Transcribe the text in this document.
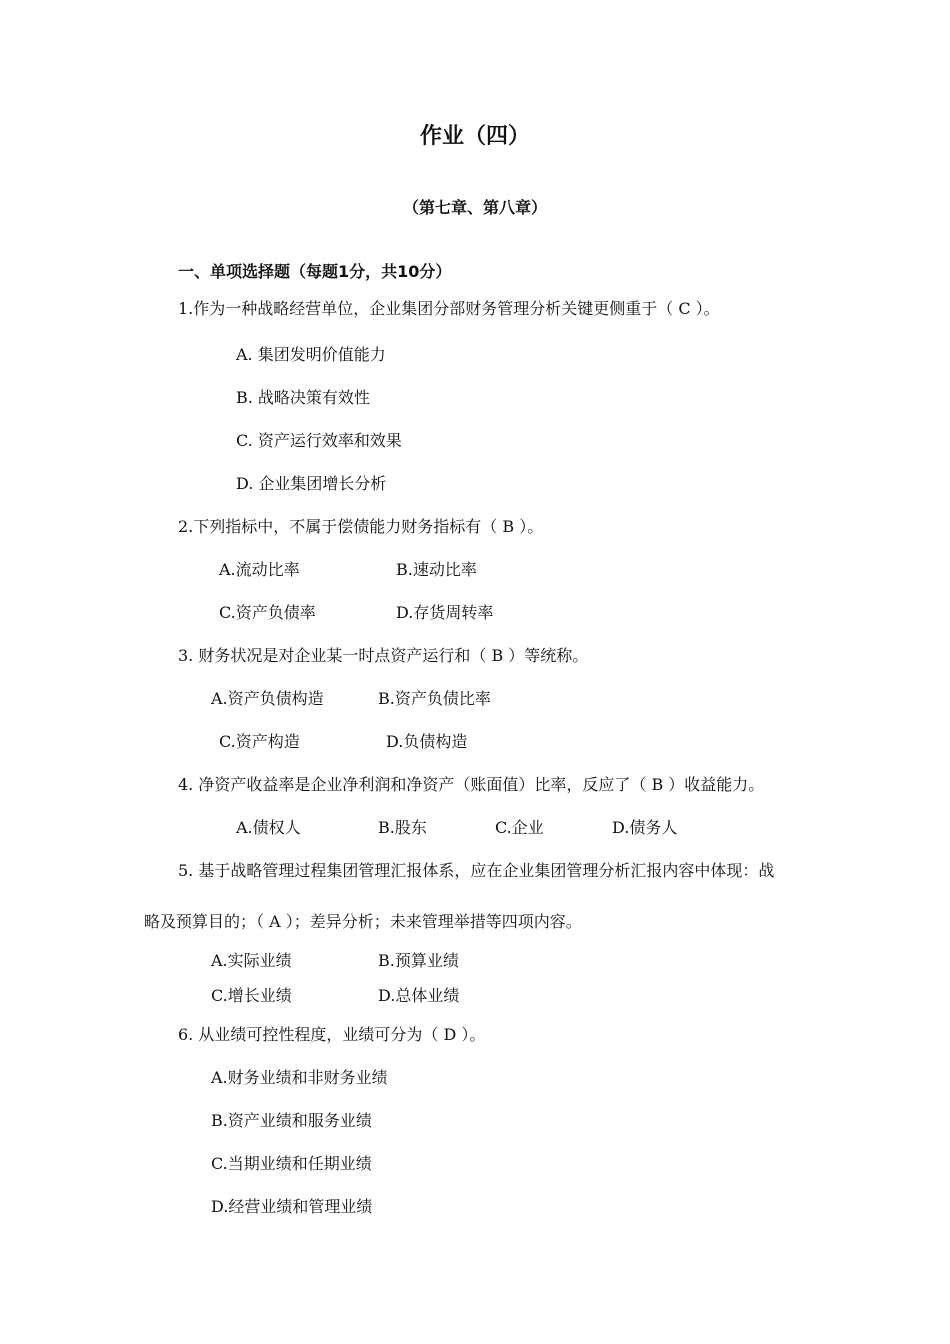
作业（四）
（第七章、第八章）
一、单项选择题（每题1分，共10分）
1.作为一种战略经营单位，企业集团分部财务管理分析关键更侧重于（ C ）。
A. 集团发明价值能力
B. 战略决策有效性
C. 资产运行效率和效果
D. 企业集团增长分析
2.下列指标中，不属于偿债能力财务指标有（ B ）。
A.流动比率	B.速动比率
C.资产负债率	D.存货周转率
3. 财务状况是对企业某一时点资产运行和（ B ）等统称。
A.资产负债构造	B.资产负债比率
C.资产构造	D.负债构造
4. 净资产收益率是企业净利润和净资产（账面值）比率，反应了（ B ）收益能力。
A.债权人	B.股东	C.企业	D.债务人
5. 基于战略管理过程集团管理汇报体系，应在企业集团管理分析汇报内容中体现：战
略及预算目的；（ A ）；差异分析；未来管理举措等四项内容。
A.实际业绩	B.预算业绩
C.增长业绩	D.总体业绩
6. 从业绩可控性程度，业绩可分为（ D ）。
A.财务业绩和非财务业绩
B.资产业绩和服务业绩
C.当期业绩和任期业绩
D.经营业绩和管理业绩
